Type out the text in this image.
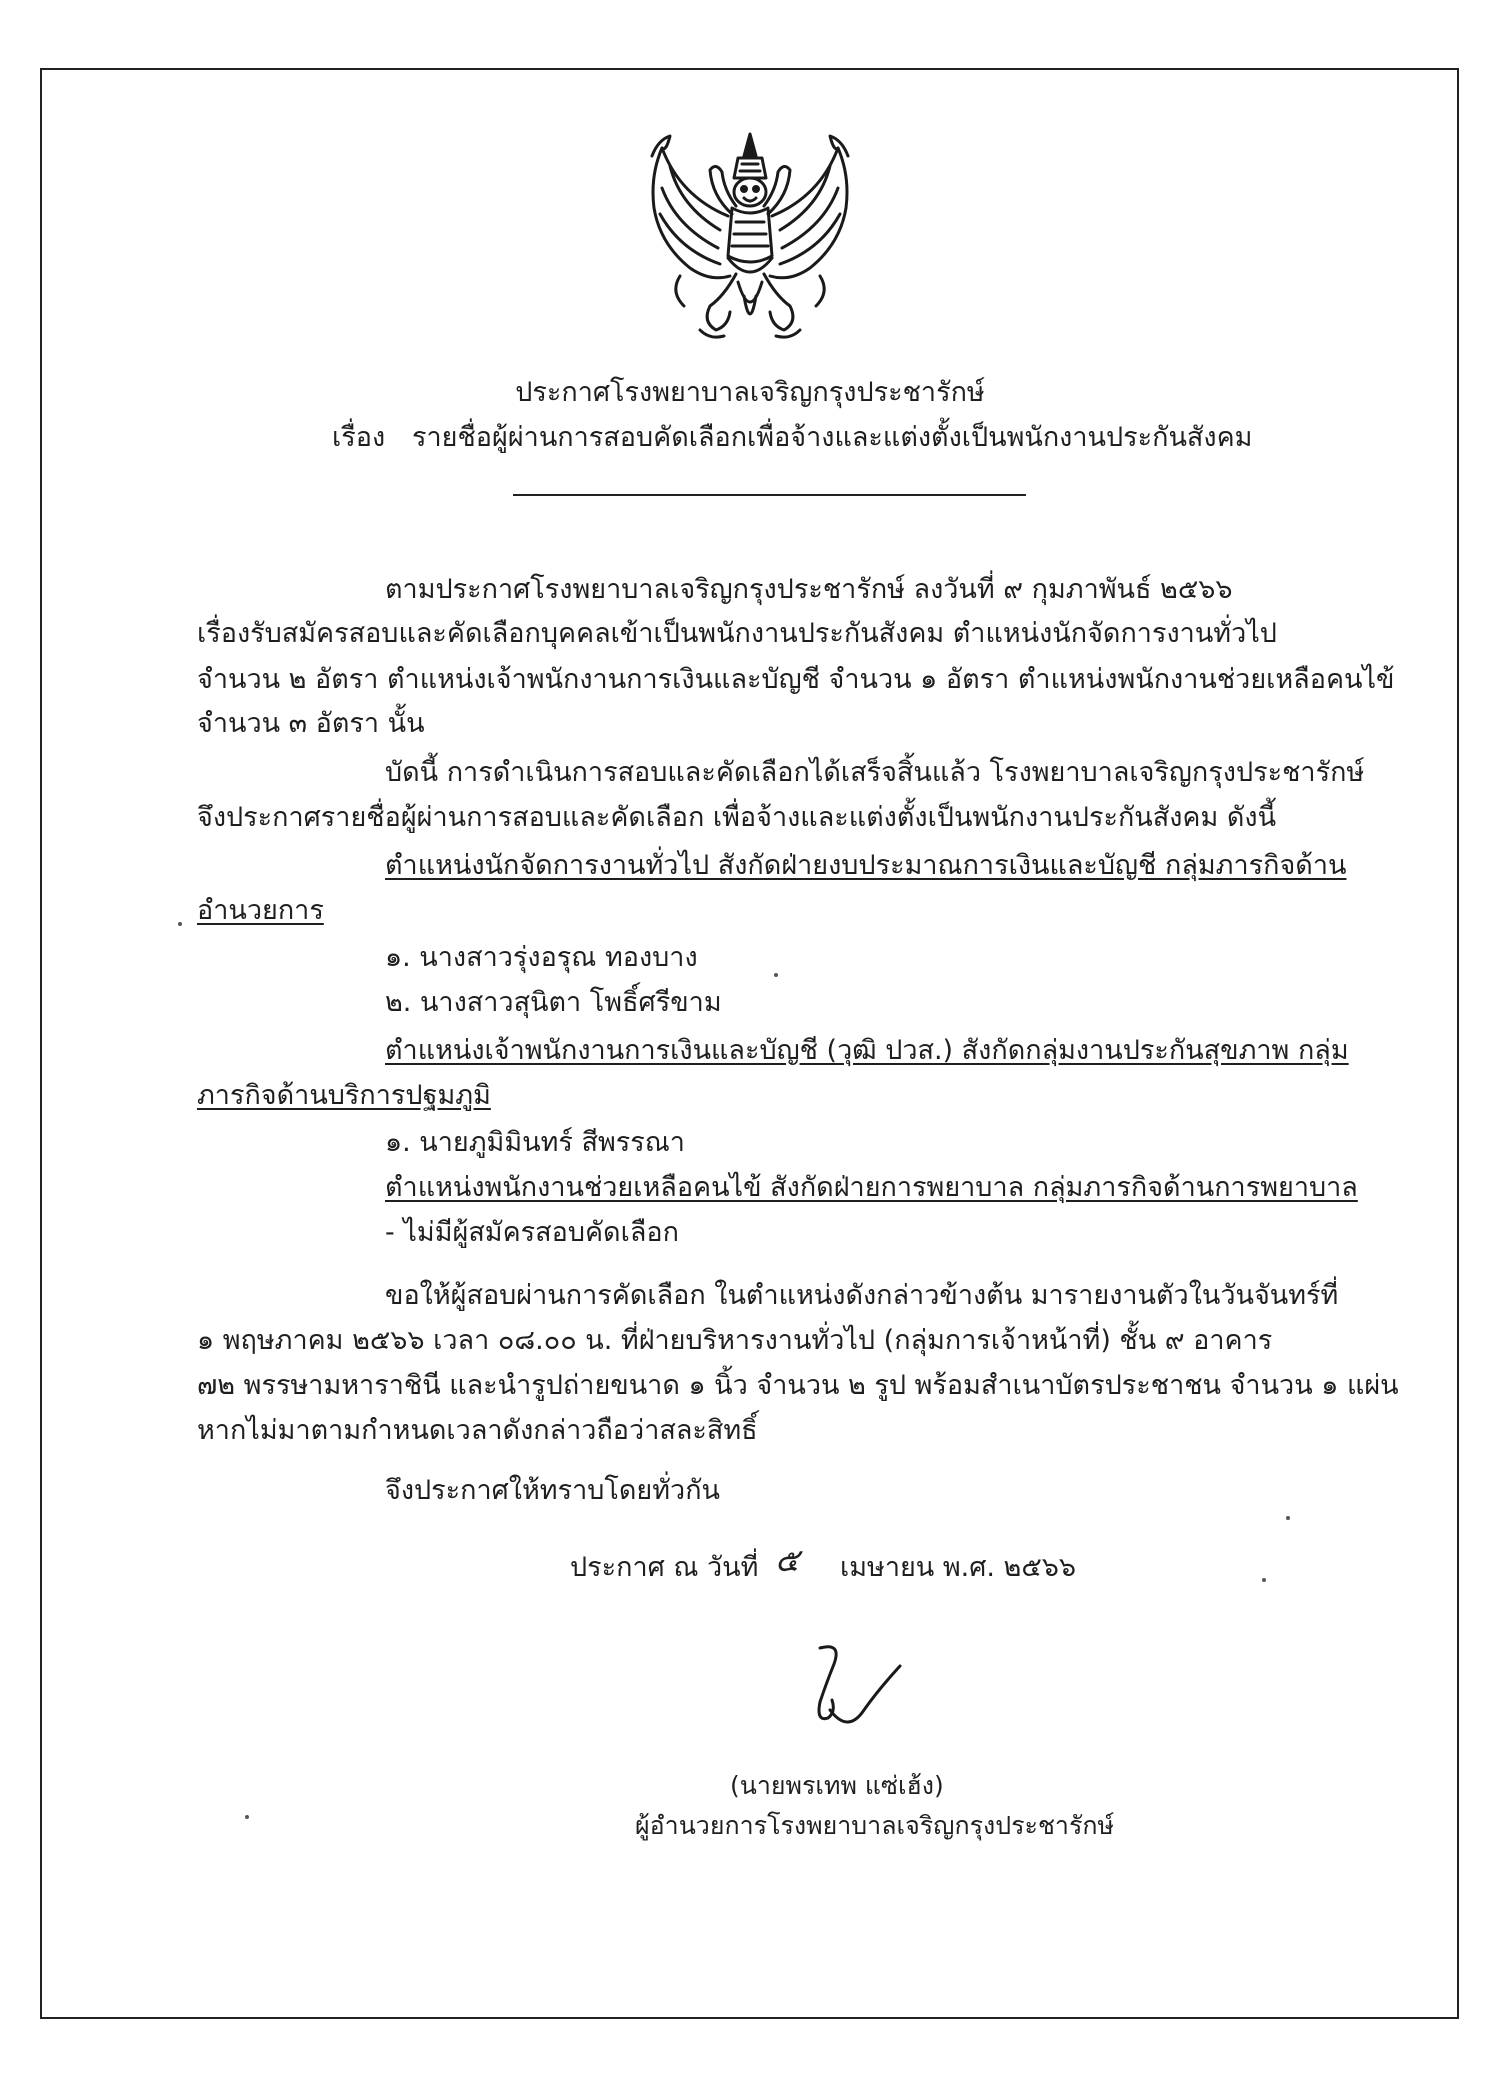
ประกาศโรงพยาบาลเจริญกรุงประชารักษ์
เรื่อง รายชื่อผู้ผ่านการสอบคัดเลือกเพื่อจ้างและแต่งตั้งเป็นพนักงานประกันสังคม
ตามประกาศโรงพยาบาลเจริญกรุงประชารักษ์ ลงวันที่ ๙ กุมภาพันธ์ ๒๕๖๖
เรื่องรับสมัครสอบและคัดเลือกบุคคลเข้าเป็นพนักงานประกันสังคม ตำแหน่งนักจัดการงานทั่วไป
จำนวน ๒ อัตรา ตำแหน่งเจ้าพนักงานการเงินและบัญชี จำนวน ๑ อัตรา ตำแหน่งพนักงานช่วยเหลือคนไข้
จำนวน ๓ อัตรา นั้น
บัดนี้ การดำเนินการสอบและคัดเลือกได้เสร็จสิ้นแล้ว โรงพยาบาลเจริญกรุงประชารักษ์
จึงประกาศรายชื่อผู้ผ่านการสอบและคัดเลือก เพื่อจ้างและแต่งตั้งเป็นพนักงานประกันสังคม ดังนี้
ตำแหน่งนักจัดการงานทั่วไป สังกัดฝ่ายงบประมาณการเงินและบัญชี กลุ่มภารกิจด้าน
อำนวยการ
๑. นางสาวรุ่งอรุณ ทองบาง
๒. นางสาวสุนิตา โพธิ์ศรีขาม
ตำแหน่งเจ้าพนักงานการเงินและบัญชี (วุฒิ ปวส.) สังกัดกลุ่มงานประกันสุขภาพ กลุ่ม
ภารกิจด้านบริการปฐมภูมิ
๑. นายภูมิมินทร์ สีพรรณา
ตำแหน่งพนักงานช่วยเหลือคนไข้ สังกัดฝ่ายการพยาบาล กลุ่มภารกิจด้านการพยาบาล
- ไม่มีผู้สมัครสอบคัดเลือก
ขอให้ผู้สอบผ่านการคัดเลือก ในตำแหน่งดังกล่าวข้างต้น มารายงานตัวในวันจันทร์ที่
๑ พฤษภาคม ๒๕๖๖ เวลา ๐๘.๐๐ น. ที่ฝ่ายบริหารงานทั่วไป (กลุ่มการเจ้าหน้าที่) ชั้น ๙ อาคาร
๗๒ พรรษามหาราชินี และนำรูปถ่ายขนาด ๑ นิ้ว จำนวน ๒ รูป พร้อมสำเนาบัตรประชาชน จำนวน ๑ แผ่น
หากไม่มาตามกำหนดเวลาดังกล่าวถือว่าสละสิทธิ์
จึงประกาศให้ทราบโดยทั่วกัน
ประกาศ ณ วันที่ ๕ เมษายน พ.ศ. ๒๕๖๖
(นายพรเทพ แซ่เฮ้ง)
ผู้อำนวยการโรงพยาบาลเจริญกรุงประชารักษ์
